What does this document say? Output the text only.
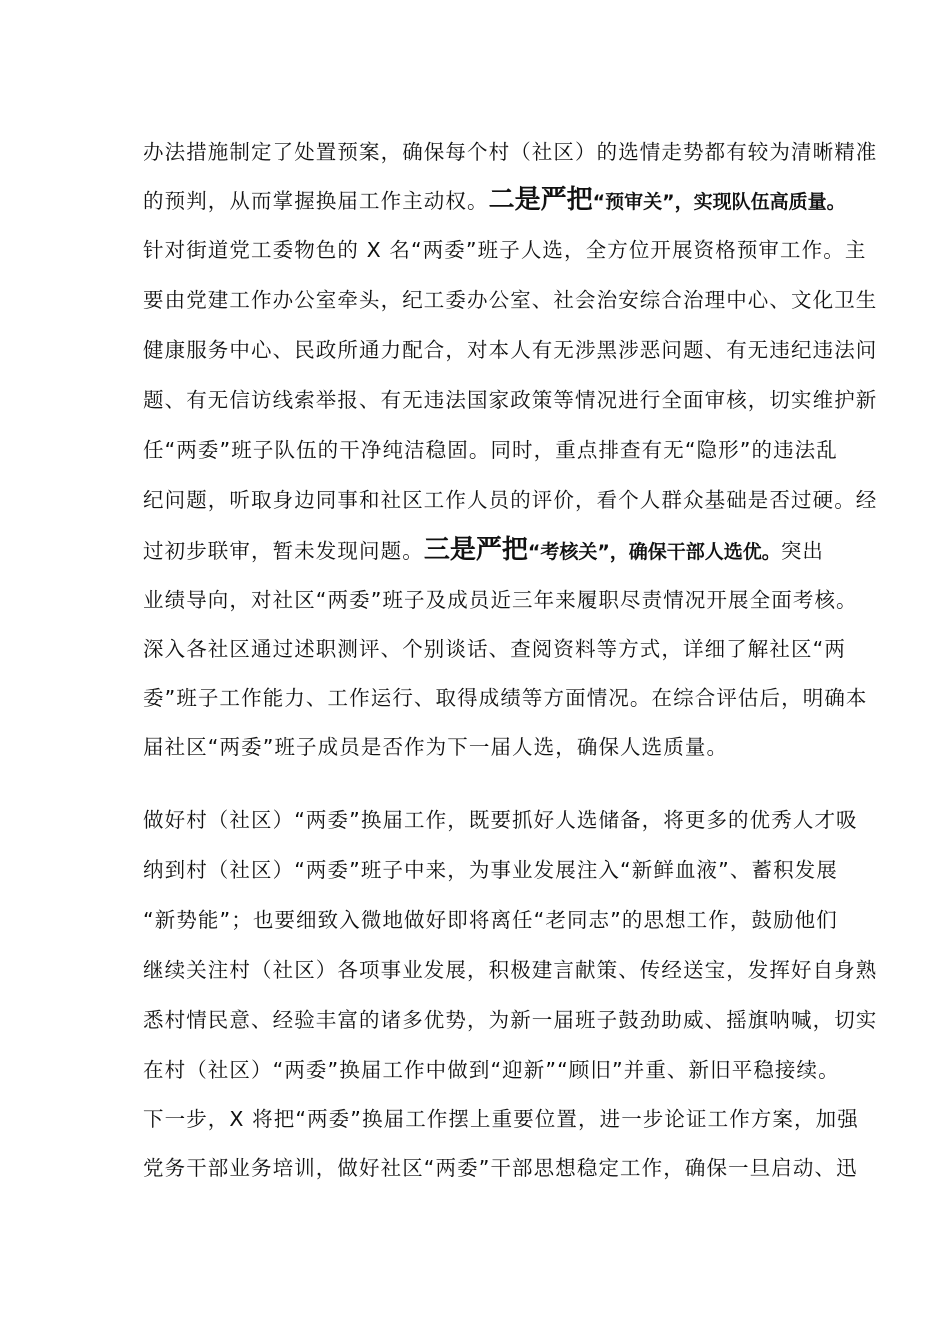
办法措施制定了处置预案，确保每个村（社区）的选情走势都有较为清晰精准
的预判，从而掌握换届工作主动权。二是严把“预审关”，实现队伍高质量。
针对街道党工委物色的 X 名“两委”班子人选，全方位开展资格预审工作。主
要由党建工作办公室牵头，纪工委办公室、社会治安综合治理中心、文化卫生
健康服务中心、民政所通力配合，对本人有无涉黑涉恶问题、有无违纪违法问
题、有无信访线索举报、有无违法国家政策等情况进行全面审核，切实维护新
任“两委”班子队伍的干净纯洁稳固。同时，重点排查有无“隐形”的违法乱
纪问题，听取身边同事和社区工作人员的评价，看个人群众基础是否过硬。经
过初步联审，暂未发现问题。三是严把“考核关”，确保干部人选优。突出
业绩导向，对社区“两委”班子及成员近三年来履职尽责情况开展全面考核。
深入各社区通过述职测评、个别谈话、查阅资料等方式，详细了解社区“两
委”班子工作能力、工作运行、取得成绩等方面情况。在综合评估后，明确本
届社区“两委”班子成员是否作为下一届人选，确保人选质量。
做好村（社区）“两委”换届工作，既要抓好人选储备，将更多的优秀人才吸
纳到村（社区）“两委”班子中来，为事业发展注入“新鲜血液”、蓄积发展
“新势能”；也要细致入微地做好即将离任“老同志”的思想工作，鼓励他们
继续关注村（社区）各项事业发展，积极建言献策、传经送宝，发挥好自身熟
悉村情民意、经验丰富的诸多优势，为新一届班子鼓劲助威、摇旗呐喊，切实
在村（社区）“两委”换届工作中做到“迎新”“顾旧”并重、新旧平稳接续。
下一步，X 将把“两委”换届工作摆上重要位置，进一步论证工作方案，加强
党务干部业务培训，做好社区“两委”干部思想稳定工作，确保一旦启动、迅
